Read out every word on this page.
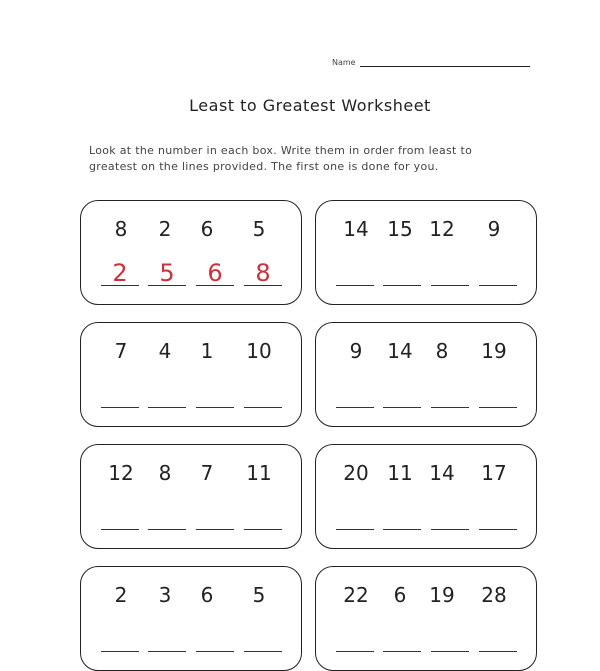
Name
Least to Greatest Worksheet
Look at the number in each box. Write them in order from least to greatest on the lines provided. The first one is done for you.
8	2	6	5
2	5	6	8
14 15 12	9
7	4	1	10	9	14	8	19
12	8	7	11	20 11 14	17
2	3	6	5	22	6	19	28
